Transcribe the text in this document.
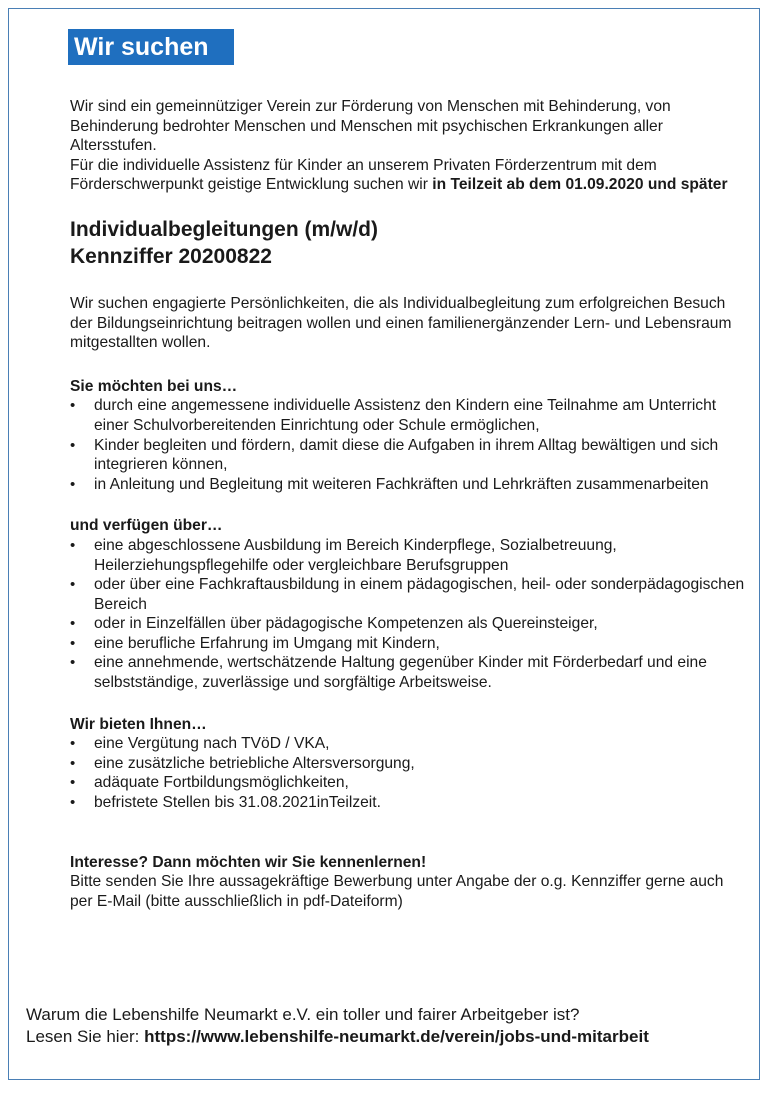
Wir suchen

Wir sind ein gemeinnütziger Verein zur Förderung von Menschen mit Behinderung, von Behinderung bedrohter Menschen und Menschen mit psychischen Erkrankungen aller Altersstufen.

Für die individuelle Assistenz für Kinder an unserem Privaten Förderzentrum mit dem Förderschwerpunkt geistige Entwicklung suchen wir in Teilzeit ab dem 01.09.2020 und später

Individualbegleitungen (m/w/d)
Kennziffer 20200822

Wir suchen engagierte Persönlichkeiten, die als Individualbegleitung zum erfolgreichen Besuch der Bildungseinrichtung beitragen wollen und einen familienergänzender Lern- und Lebensraum mitgestallten wollen.

Sie möchten bei uns…

• durch eine angemessene individuelle Assistenz den Kindern eine Teilnahme am Unterricht einer Schulvorbereitenden Einrichtung oder Schule ermöglichen,
• Kinder begleiten und fördern, damit diese die Aufgaben in ihrem Alltag bewältigen und sich integrieren können,
• in Anleitung und Begleitung mit weiteren Fachkräften und Lehrkräften zusammenarbeiten

und verfügen über…

• eine abgeschlossene Ausbildung im Bereich Kinderpflege, Sozialbetreuung, Heilerziehungspflegehilfe oder vergleichbare Berufsgruppen
• oder über eine Fachkraftausbildung in einem pädagogischen, heil- oder sonderpädagogischen Bereich
• oder in Einzelfällen über pädagogische Kompetenzen als Quereinsteiger,
• eine berufliche Erfahrung im Umgang mit Kindern,
• eine annehmende, wertschätzende Haltung gegenüber Kinder mit Förderbedarf und eine selbstständige, zuverlässige und sorgfältige Arbeitsweise.

Wir bieten Ihnen…

• eine Vergütung nach TVöD / VKA,
• eine zusätzliche betriebliche Altersversorgung,
• adäquate Fortbildungsmöglichkeiten,
• befristete Stellen bis 31.08.2021inTeilzeit.

Interesse? Dann möchten wir Sie kennenlernen!

Bitte senden Sie Ihre aussagekräftige Bewerbung unter Angabe der o.g. Kennziffer gerne auch per E-Mail (bitte ausschließlich in pdf-Dateiform)

Warum die Lebenshilfe Neumarkt e.V. ein toller und fairer Arbeitgeber ist?

Lesen Sie hier: https://www.lebenshilfe-neumarkt.de/verein/jobs-und-mitarbeit
